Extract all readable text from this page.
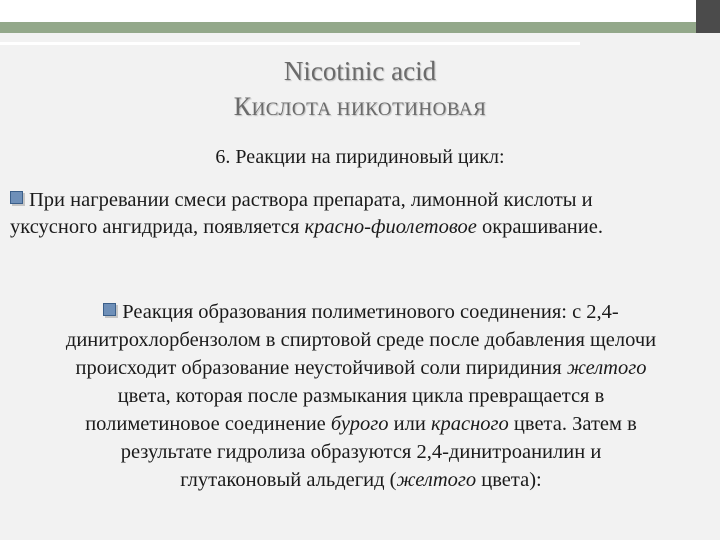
Nicotinic acid
КИСЛОТА НИКОТИНОВАЯ
6. Реакции на пиридиновый цикл:
При нагревании смеси раствора препарата, лимонной кислоты и
уксусного ангидрида, появляется красно-фиолетовое окрашивание.
Реакция образования полиметинового соединения: с 2,4-
динитрохлорбензолом в спиртовой среде после добавления щелочи
происходит образование неустойчивой соли пиридиния желтого
цвета, которая после размыкания цикла превращается в
полиметиновое соединение бурого или красного цвета. Затем в
результате гидролиза образуются 2,4-динитроанилин и
глутаконовый альдегид (желтого цвета):
